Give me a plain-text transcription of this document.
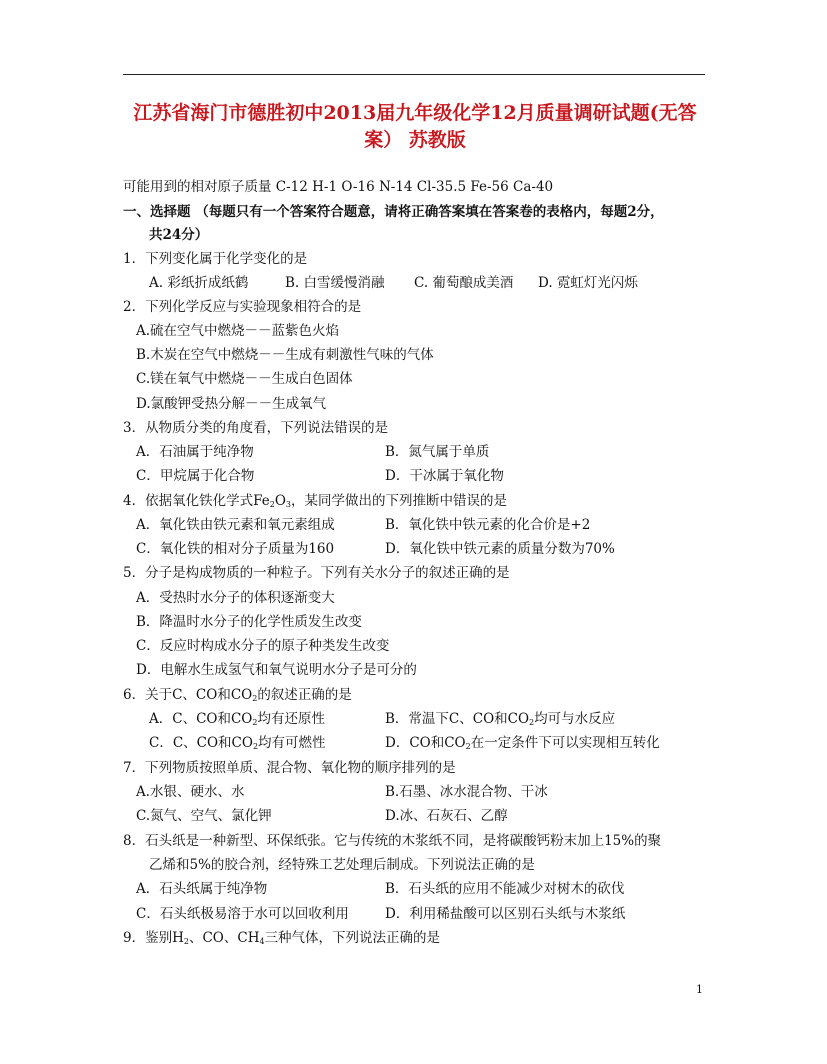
江苏省海门市德胜初中2013届九年级化学12月质量调研试题(无答
案） 苏教版
可能用到的相对原子质量 C-12 H-1 O-16 N-14 Cl-35.5 Fe-56 Ca-40
一、选择题 （每题只有一个答案符合题意，请将正确答案填在答案卷的表格内，每题2分，
共24分）
1．下列变化属于化学变化的是
A. 彩纸折成纸鹤	B. 白雪缓慢消融 C. 葡萄酿成美酒 D. 霓虹灯光闪烁
2．下列化学反应与实验现象相符合的是
A.硫在空气中燃烧－－蓝紫色火焰
B.木炭在空气中燃烧－－生成有刺激性气味的气体
C.镁在氧气中燃烧－－生成白色固体
D.氯酸钾受热分解－－生成氧气
3．从物质分类的角度看，下列说法错误的是
A．石油属于纯净物	B．氮气属于单质
C．甲烷属于化合物	D．干冰属于氧化物
4．依据氧化铁化学式$Fe_2O_3$，某同学做出的下列推断中错误的是
A．氧化铁由铁元素和氧元素组成	B．氧化铁中铁元素的化合价是+2
C．氧化铁的相对分子质量为160	D．氧化铁中铁元素的质量分数为70%
5．分子是构成物质的一种粒子。下列有关水分子的叙述正确的是
A．受热时水分子的体积逐渐变大
B．降温时水分子的化学性质发生改变
C．反应时构成水分子的原子种类发生改变
D．电解水生成氢气和氧气说明水分子是可分的
6．关于C、CO和$CO_2$的叙述正确的是
A．C、CO和$CO_2$均有还原性	B．常温下C、CO和$CO_2$均可与水反应
C．C、CO和$CO_2$均有可燃性	D．CO和$CO_2$在一定条件下可以实现相互转化
7．下列物质按照单质、混合物、氧化物的顺序排列的是
A.水银、硬水、水	B.石墨、冰水混合物、干冰
C.氮气、空气、氯化钾	D.冰、石灰石、乙醇
8．石头纸是一种新型、环保纸张。它与传统的木浆纸不同，是将碳酸钙粉末加上15%的聚
乙烯和5%的胶合剂，经特殊工艺处理后制成。下列说法正确的是
A．石头纸属于纯净物	B．石头纸的应用不能减少对树木的砍伐
C．石头纸极易溶于水可以回收利用	D．利用稀盐酸可以区别石头纸与木浆纸
9．鉴别$H_2$、CO、$CH_4$三种气体，下列说法正确的是
1
